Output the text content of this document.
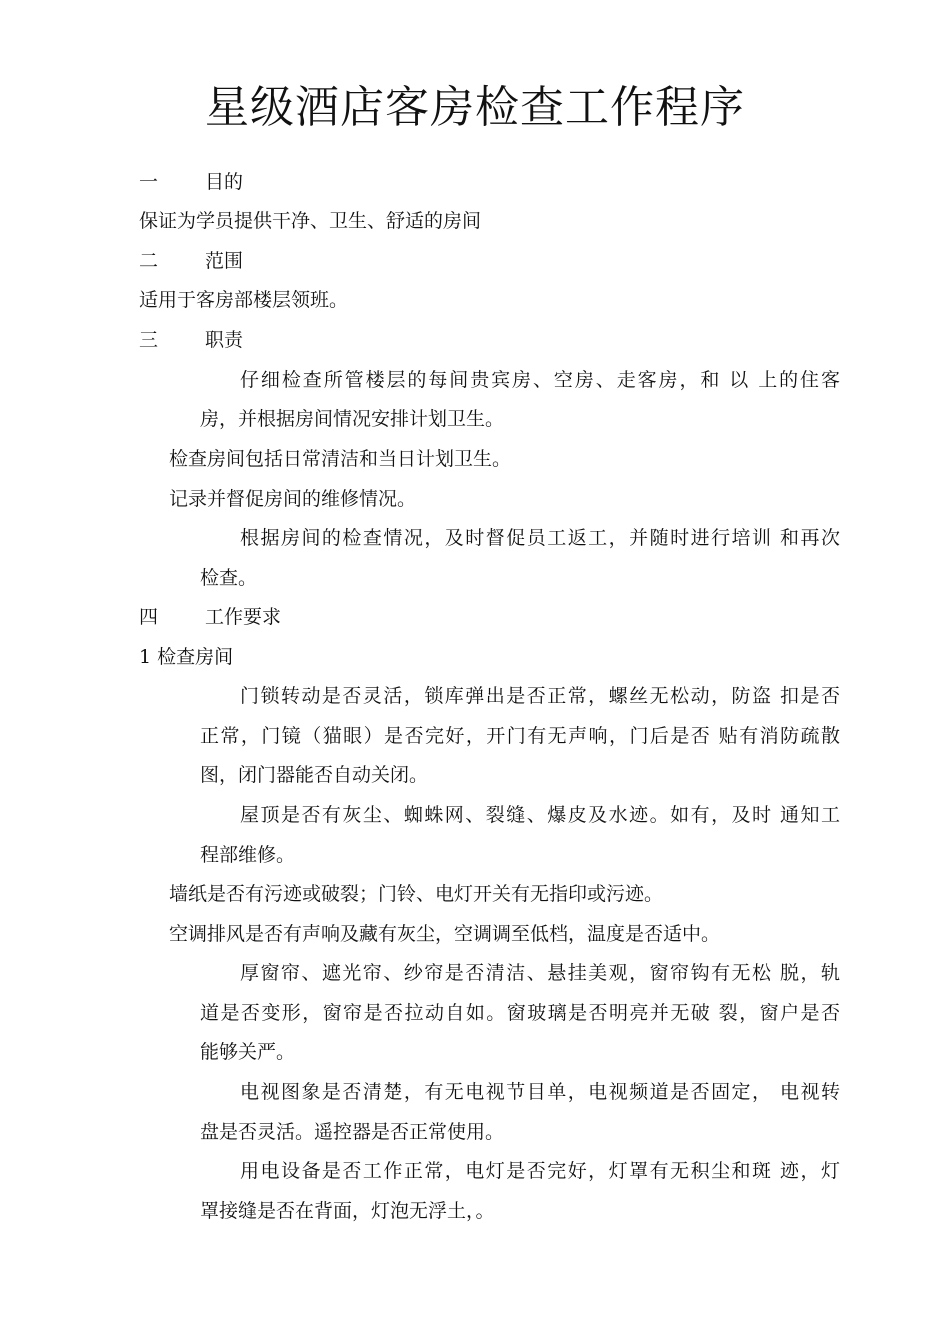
星级酒店客房检查工作程序
一 目的
保证为学员提供干净、卫生、舒适的房间
二 范围
适用于客房部楼层领班。
三 职责
仔细检查所管楼层的每间贵宾房、空房、走客房，和 以 上的住客
房，并根据房间情况安排计划卫生。
检查房间包括日常清洁和当日计划卫生。
记录并督促房间的维修情况。
根据房间的检查情况，及时督促员工返工，并随时进行培训 和再次
检查。
四 工作要求
1 检查房间
门锁转动是否灵活，锁库弹出是否正常，螺丝无松动，防盗 扣是否
正常，门镜（猫眼）是否完好，开门有无声响，门后是否 贴有消防疏散
图，闭门器能否自动关闭。
屋顶是否有灰尘、蜘蛛网、裂缝、爆皮及水迹。如有，及时 通知工
程部维修。
墙纸是否有污迹或破裂；门铃、电灯开关有无指印或污迹。
空调排风是否有声响及藏有灰尘，空调调至低档，温度是否适中。
厚窗帘、遮光帘、纱帘是否清洁、悬挂美观，窗帘钩有无松 脱，轨
道是否变形，窗帘是否拉动自如。窗玻璃是否明亮并无破 裂，窗户是否
能够关严。
电视图象是否清楚，有无电视节目单，电视频道是否固定， 电视转
盘是否灵活。遥控器是否正常使用。
用电设备是否工作正常，电灯是否完好，灯罩有无积尘和斑 迹，灯
罩接缝是否在背面，灯泡无浮土，。
